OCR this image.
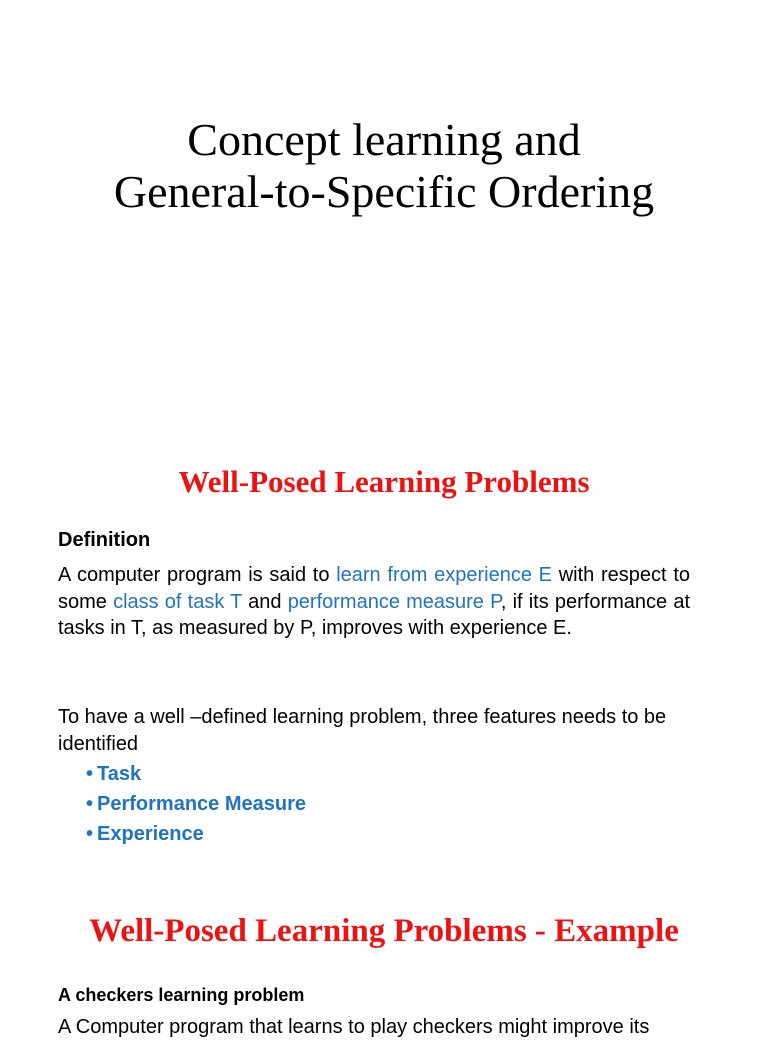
Concept learning and
General-to-Specific Ordering
Well-Posed Learning Problems
Definition

A computer program is said to learn from experience E with respect to some class of task T and performance measure P, if its performance at tasks in T, as measured by P, improves with experience E.

To have a well –defined learning problem, three features needs to be identified

• Task
• Performance Measure
• Experience
Well-Posed Learning Problems - Example
A checkers learning problem

A Computer program that learns to play checkers might improve its
